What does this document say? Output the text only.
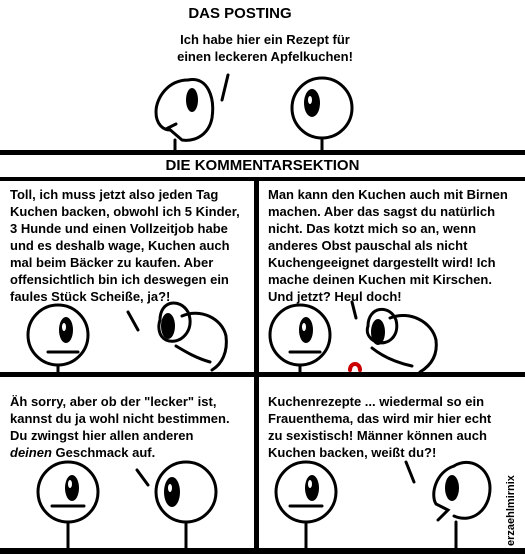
DAS POSTING
Ich habe hier ein Rezept für
einen leckeren Apfelkuchen!
DIE KOMMENTARSEKTION
Toll, ich muss jetzt also jeden Tag
Kuchen backen, obwohl ich 5 Kinder,
3 Hunde und einen Vollzeitjob habe
und es deshalb wage, Kuchen auch
mal beim Bäcker zu kaufen. Aber
offensichtlich bin ich deswegen ein
faules Stück Scheiße, ja?!
Man kann den Kuchen auch mit Birnen
machen. Aber das sagst du natürlich
nicht. Das kotzt mich so an, wenn
anderes Obst pauschal als nicht
Kuchengeeignet dargestellt wird! Ich
mache deinen Kuchen mit Kirschen.
Und jetzt? Heul doch!
Äh sorry, aber ob der "lecker" ist,
kannst du ja wohl nicht bestimmen.
Du zwingst hier allen anderen
deinen Geschmack auf.
Kuchenrezepte ... wiedermal so ein
Frauenthema, das wird mir hier echt
zu sexistisch! Männer können auch
Kuchen backen, weißt du?!
erzaehlmirnix
